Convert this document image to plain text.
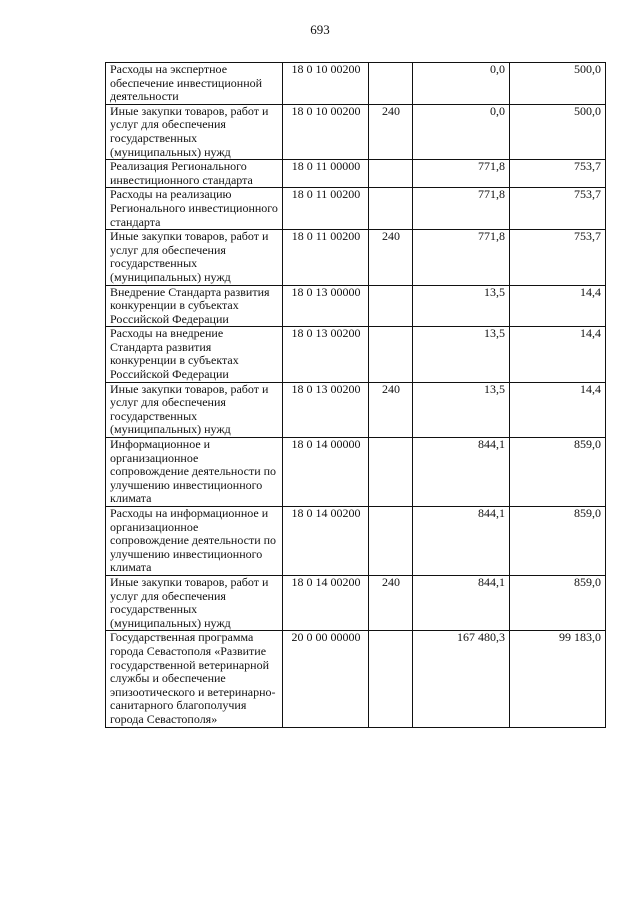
693
Расходы на экспертное обеспечение инвестиционной деятельности	18 0 10 00200		0,0	500,0
Иные закупки товаров, работ и услуг для обеспечения государственных (муниципальных) нужд	18 0 10 00200	240	0,0	500,0
Реализация Регионального инвестиционного стандарта	18 0 11 00000		771,8	753,7
Расходы на реализацию Регионального инвестиционного стандарта	18 0 11 00200		771,8	753,7
Иные закупки товаров, работ и услуг для обеспечения государственных (муниципальных) нужд	18 0 11 00200	240	771,8	753,7
Внедрение Стандарта развития конкуренции в субъектах Российской Федерации	18 0 13 00000		13,5	14,4
Расходы на внедрение Стандарта развития конкуренции в субъектах Российской Федерации	18 0 13 00200		13,5	14,4
Иные закупки товаров, работ и услуг для обеспечения государственных (муниципальных) нужд	18 0 13 00200	240	13,5	14,4
Информационное и организационное сопровождение деятельности по улучшению инвестиционного климата	18 0 14 00000		844,1	859,0
Расходы на информационное и организационное сопровождение деятельности по улучшению инвестиционного климата	18 0 14 00200		844,1	859,0
Иные закупки товаров, работ и услуг для обеспечения государственных (муниципальных) нужд	18 0 14 00200	240	844,1	859,0
Государственная программа города Севастополя «Развитие государственной ветеринарной службы и обеспечение эпизоотического и ветеринарно-санитарного благополучия города Севастополя»	20 0 00 00000		167 480,3	99 183,0
